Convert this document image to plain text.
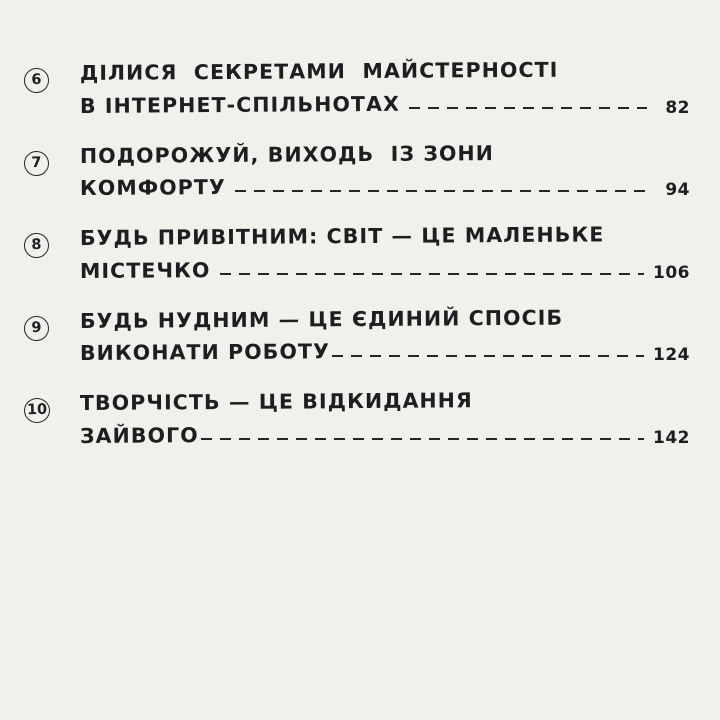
6	ДІЛИСЯ  СЕКРЕТАМИ  МАЙСТЕРНОСТІ
В ІНТЕРНЕТ-СПІЛЬНОТАХ	82
7	ПОДОРОЖУЙ, ВИХОДЬ  ІЗ ЗОНИ
КОМФОРТУ	94
8	БУДЬ ПРИВІТНИМ: СВІТ — ЦЕ МАЛЕНЬКЕ
МІСТЕЧКО	106
9	БУДЬ НУДНИМ — ЦЕ ЄДИНИЙ СПОСІБ
ВИКОНАТИ РОБОТУ	124
10 ТВОРЧІСТЬ — ЦЕ ВІДКИДАННЯ
ЗАЙВОГО	142
